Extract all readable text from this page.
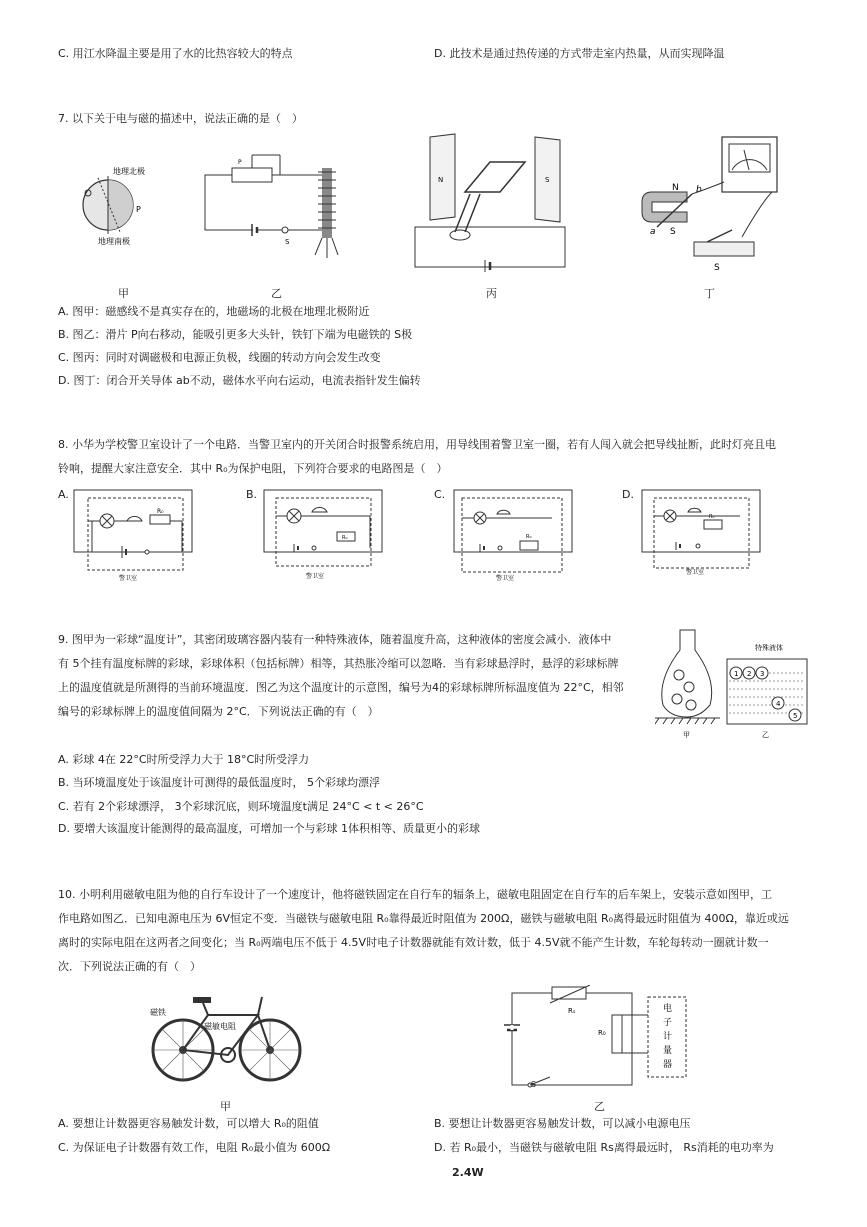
C. 用江水降温主要是用了水的比热容较大的特点	D. 此技术是通过热传递的方式带走室内热量，从而实现降温
7. 以下关于电与磁的描述中，说法正确的是（　）
地理北极
地理南极
P
P
S
N	S
N
S
b
a
S
甲	乙	丙	丁
A. 图甲：磁感线不是真实存在的，地磁场的北极在地理北极附近
B. 图乙：滑片 P向右移动，能吸引更多大头针，铁钉下端为电磁铁的 S极
C. 图丙：同时对调磁极和电源正负极，线圈的转动方向会发生改变
D. 图丁：闭合开关导体 ab不动，磁体水平向右运动，电流表指针发生偏转
8. 小华为学校警卫室设计了一个电路．当警卫室内的开关闭合时报警系统启用，用导线围着警卫室一圈，若有人闯入就会把导线扯断，此时灯亮且电
铃响，提醒大家注意安全．其中 R₀为保护电阻，下列符合要求的电路图是（　）
A.	B.	C.	D.
R₀
警卫室
R₀
警卫室
R₀
警卫室
R₀
警卫室
9. 图甲为一彩球“温度计”，其密闭玻璃容器内装有一种特殊液体，随着温度升高，这种液体的密度会减小．液体中
有 5个挂有温度标牌的彩球，彩球体积（包括标牌）相等，其热胀冷缩可以忽略．当有彩球悬浮时，悬浮的彩球标牌
上的温度值就是所测得的当前环境温度．图乙为这个温度计的示意图，编号为4的彩球标牌所标温度值为 22°C，相邻
编号的彩球标牌上的温度值间隔为 2°C．下列说法正确的有（　）
特殊液体
1 2 3
4
5
甲	乙
A. 彩球 4在 22°C时所受浮力大于 18°C时所受浮力
B. 当环境温度处于该温度计可测得的最低温度时， 5个彩球均漂浮
C. 若有 2个彩球漂浮， 3个彩球沉底，则环境温度t满足 24°C < t < 26°C
D. 要增大该温度计能测得的最高温度，可增加一个与彩球 1体积相等、质量更小的彩球
10. 小明利用磁敏电阻为他的自行车设计了一个速度计，他将磁铁固定在自行车的辐条上，磁敏电阻固定在自行车的后车架上，安装示意如图甲，工
作电路如图乙．已知电源电压为 6V恒定不变．当磁铁与磁敏电阻 R₀靠得最近时阻值为 200Ω，磁铁与磁敏电阻 R₀离得最远时阻值为 400Ω，靠近或远
离时的实际电阻在这两者之间变化；当 R₀两端电压不低于 4.5V时电子计数器就能有效计数，低于 4.5V就不能产生计数，车轮每转动一圈就计数一
次．下列说法正确的有（　）
磁铁
磁敏电阻
甲
Rₛ
R₀
电
子
计
量
器
S
乙
A. 要想让计数器更容易触发计数，可以增大 R₀的阻值	B. 要想让计数器更容易触发计数，可以减小电源电压
C. 为保证电子计数器有效工作，电阻 R₀最小值为 600Ω	D. 若 R₀最小，当磁铁与磁敏电阻 Rs离得最远时， Rs消耗的电功率为
2.4W
